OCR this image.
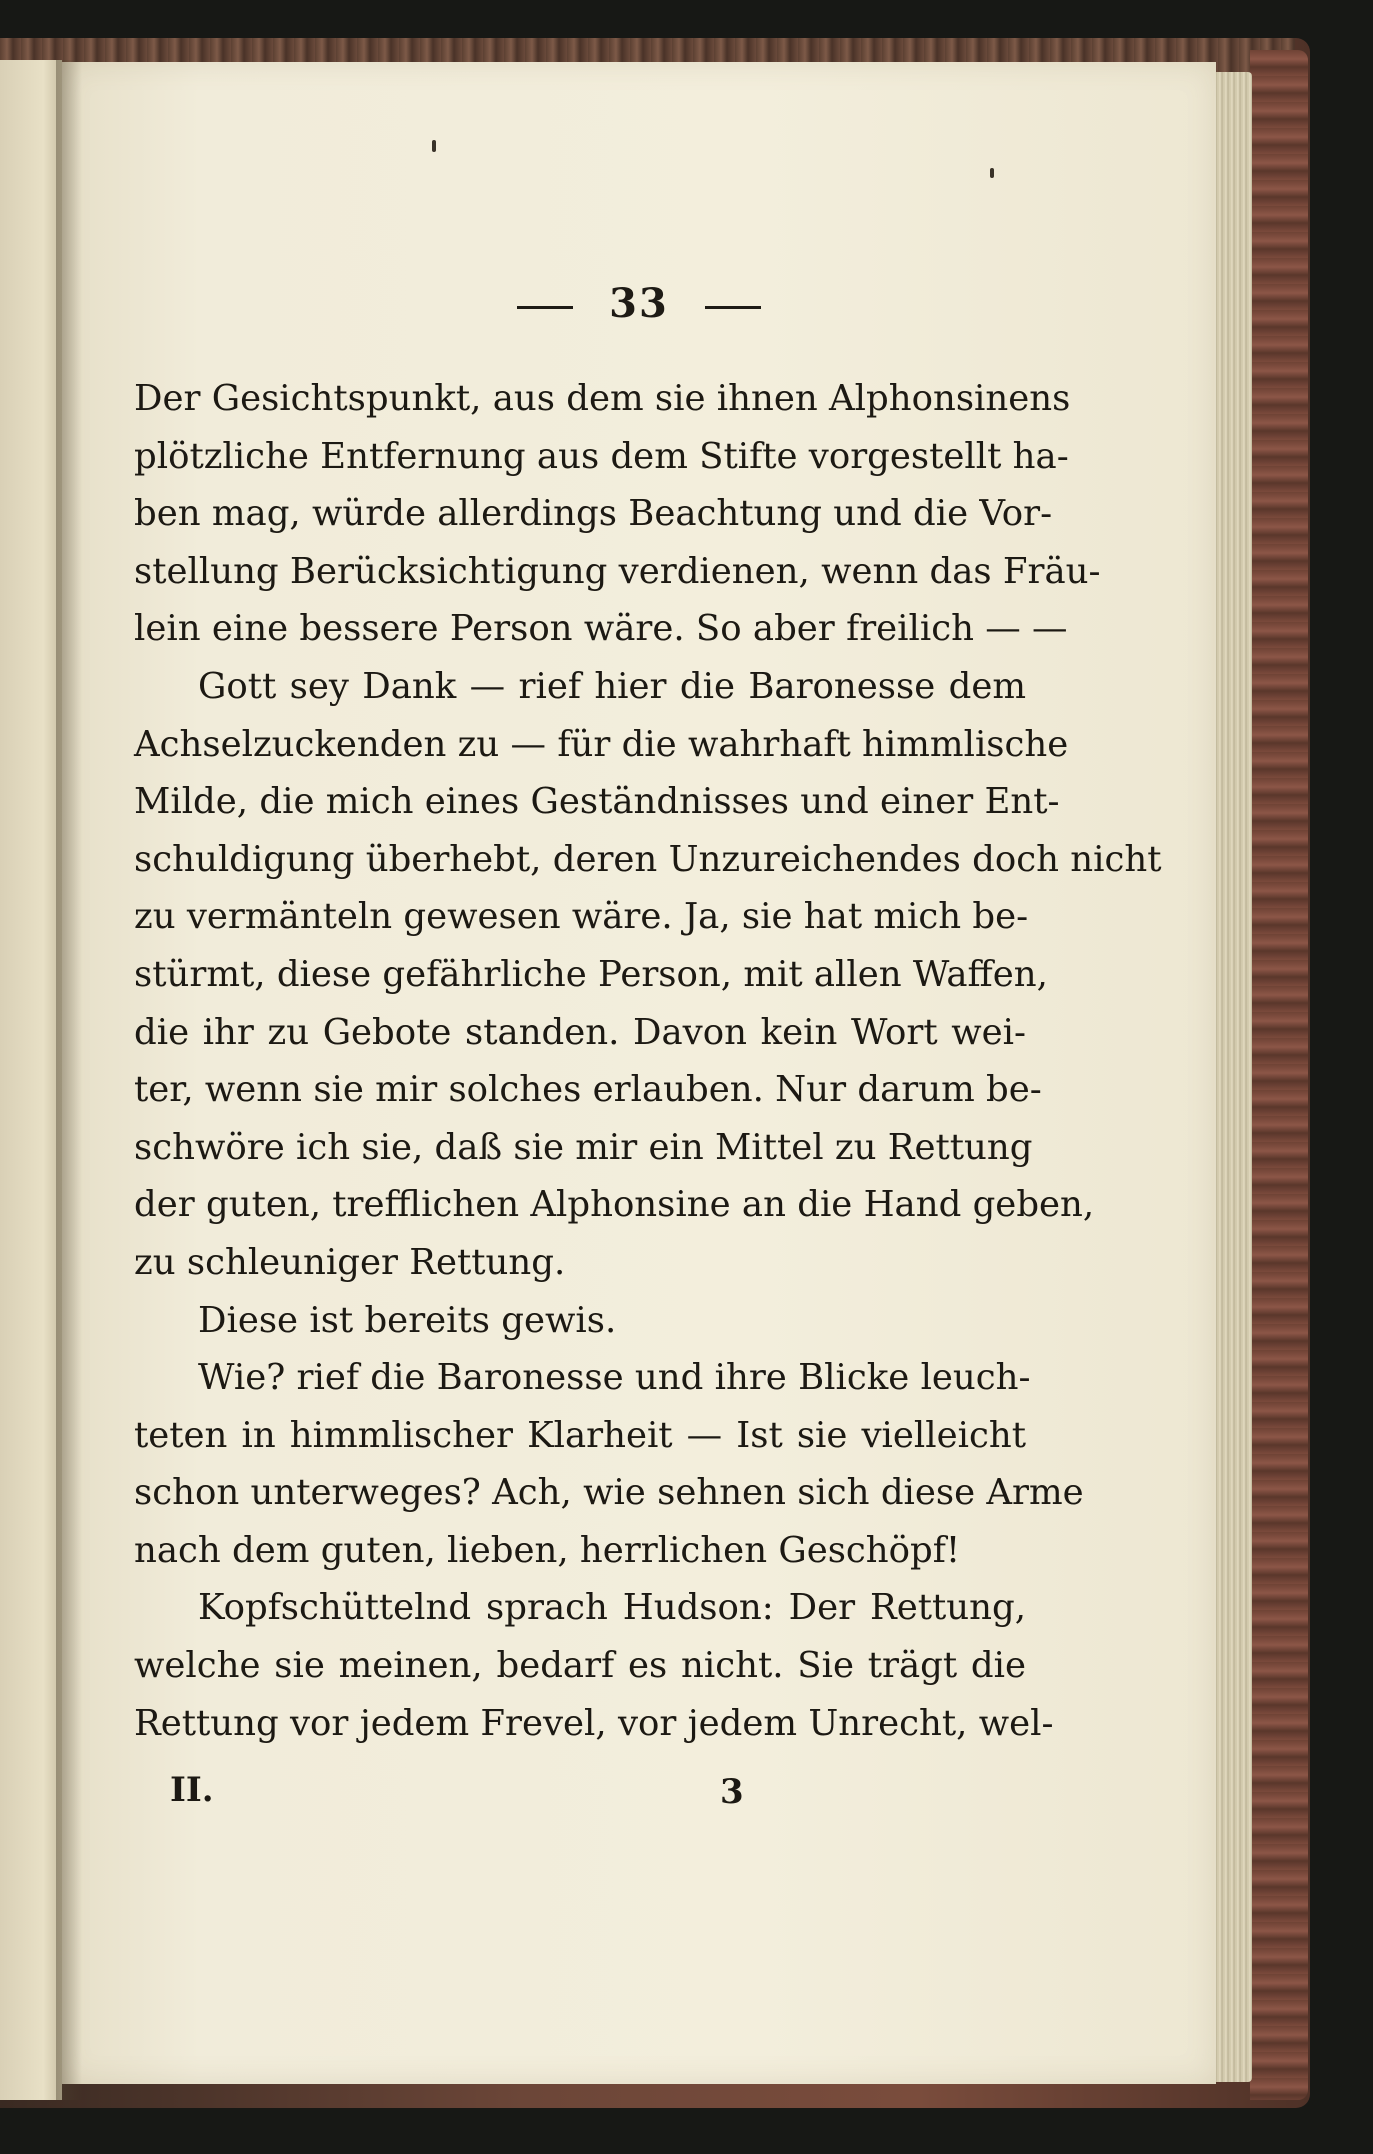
33
Der Gesichtspunkt, aus dem sie ihnen Alphonsinens
plötzliche Entfernung aus dem Stifte vorgestellt ha-
ben mag, würde allerdings Beachtung und die Vor-
stellung Berücksichtigung verdienen, wenn das Fräu-
lein eine bessere Person wäre. So aber freilich — —
Gott sey Dank — rief hier die Baronesse dem
Achselzuckenden zu — für die wahrhaft himmlische
Milde, die mich eines Geständnisses und einer Ent-
schuldigung überhebt, deren Unzureichendes doch nicht
zu vermänteln gewesen wäre. Ja, sie hat mich be-
stürmt, diese gefährliche Person, mit allen Waffen,
die ihr zu Gebote standen. Davon kein Wort wei-
ter, wenn sie mir solches erlauben. Nur darum be-
schwöre ich sie, daß sie mir ein Mittel zu Rettung
der guten, trefflichen Alphonsine an die Hand geben,
zu schleuniger Rettung.
Diese ist bereits gewis.
Wie? rief die Baronesse und ihre Blicke leuch-
teten in himmlischer Klarheit — Ist sie vielleicht
schon unterweges? Ach, wie sehnen sich diese Arme
nach dem guten, lieben, herrlichen Geschöpf!
Kopfschüttelnd sprach Hudson: Der Rettung,
welche sie meinen, bedarf es nicht. Sie trägt die
Rettung vor jedem Frevel, vor jedem Unrecht, wel-
II.	3
